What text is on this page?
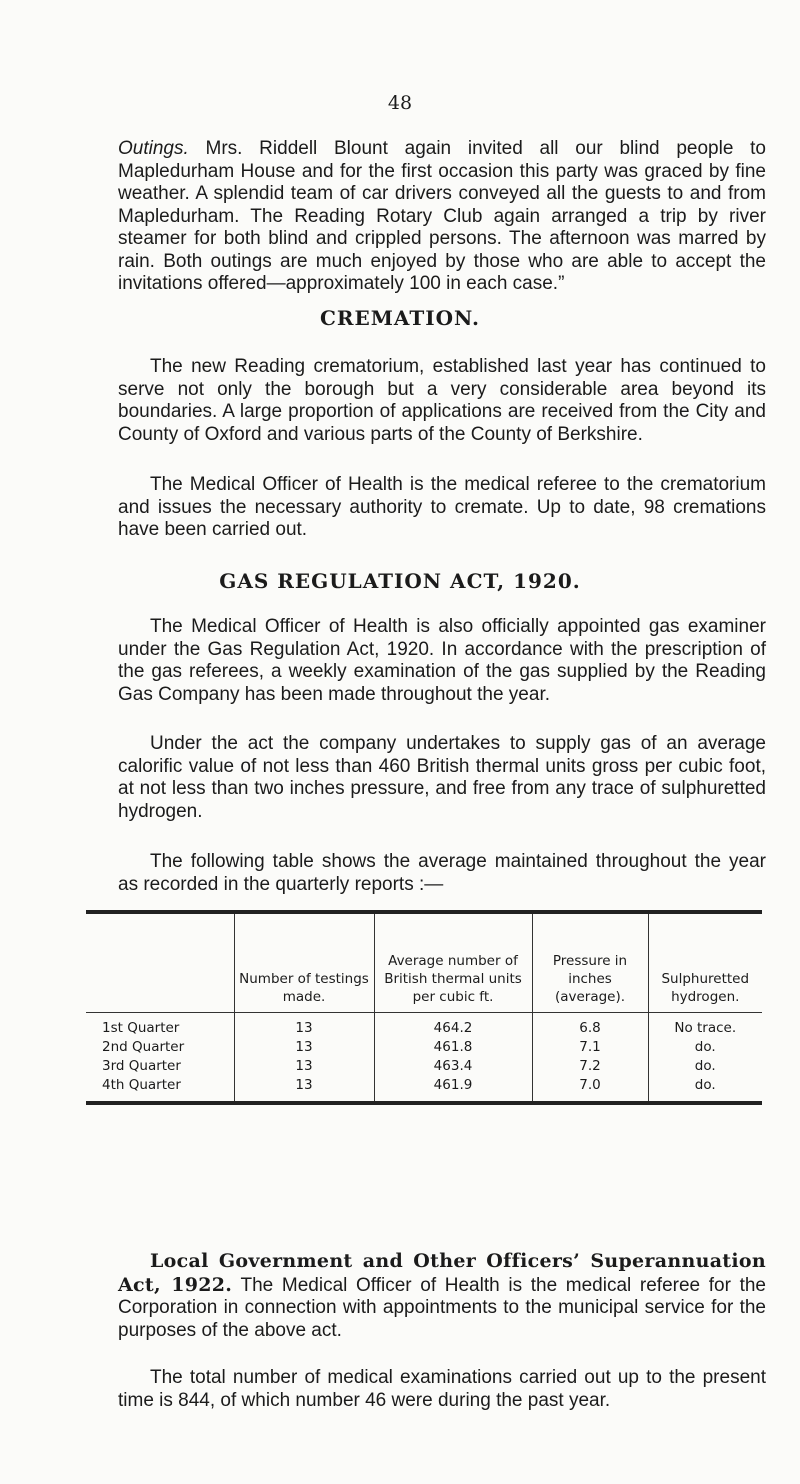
48

Outings. Mrs. Riddell Blount again invited all our blind people to Mapledurham House and for the first occasion this party was graced by fine weather. A splendid team of car drivers conveyed all the guests to and from Mapledurham. The Reading Rotary Club again arranged a trip by river steamer for both blind and crippled persons. The afternoon was marred by rain. Both outings are much enjoyed by those who are able to accept the invitations offered—approximately 100 in each case.”

CREMATION.

The new Reading crematorium, established last year has continued to serve not only the borough but a very considerable area beyond its boundaries. A large proportion of applications are received from the City and County of Oxford and various parts of the County of Berkshire.

The Medical Officer of Health is the medical referee to the crematorium and issues the necessary authority to cremate. Up to date, 98 cremations have been carried out.

GAS REGULATION ACT, 1920.

The Medical Officer of Health is also officially appointed gas examiner under the Gas Regulation Act, 1920. In accordance with the prescription of the gas referees, a weekly examination of the gas supplied by the Reading Gas Company has been made throughout the year.

Under the act the company undertakes to supply gas of an average calorific value of not less than 460 British thermal units gross per cubic foot, at not less than two inches pressure, and free from any trace of sulphuretted hydrogen.

The following table shows the average maintained throughout the year as recorded in the quarterly reports :—

	Number of testings made.	Average number of British thermal units per cubic ft.	Pressure in inches (average).	Sulphuretted hydrogen.
1st Quarter	13	464.2	6.8	No trace.
2nd Quarter	13	461.8	7.1	do.
3rd Quarter	13	463.4	7.2	do.
4th Quarter	13	461.9	7.0	do.

Local Government and Other Officers’ Superannuation Act, 1922. The Medical Officer of Health is the medical referee for the Corporation in connection with appointments to the municipal service for the purposes of the above act.

The total number of medical examinations carried out up to the present time is 844, of which number 46 were during the past year.
